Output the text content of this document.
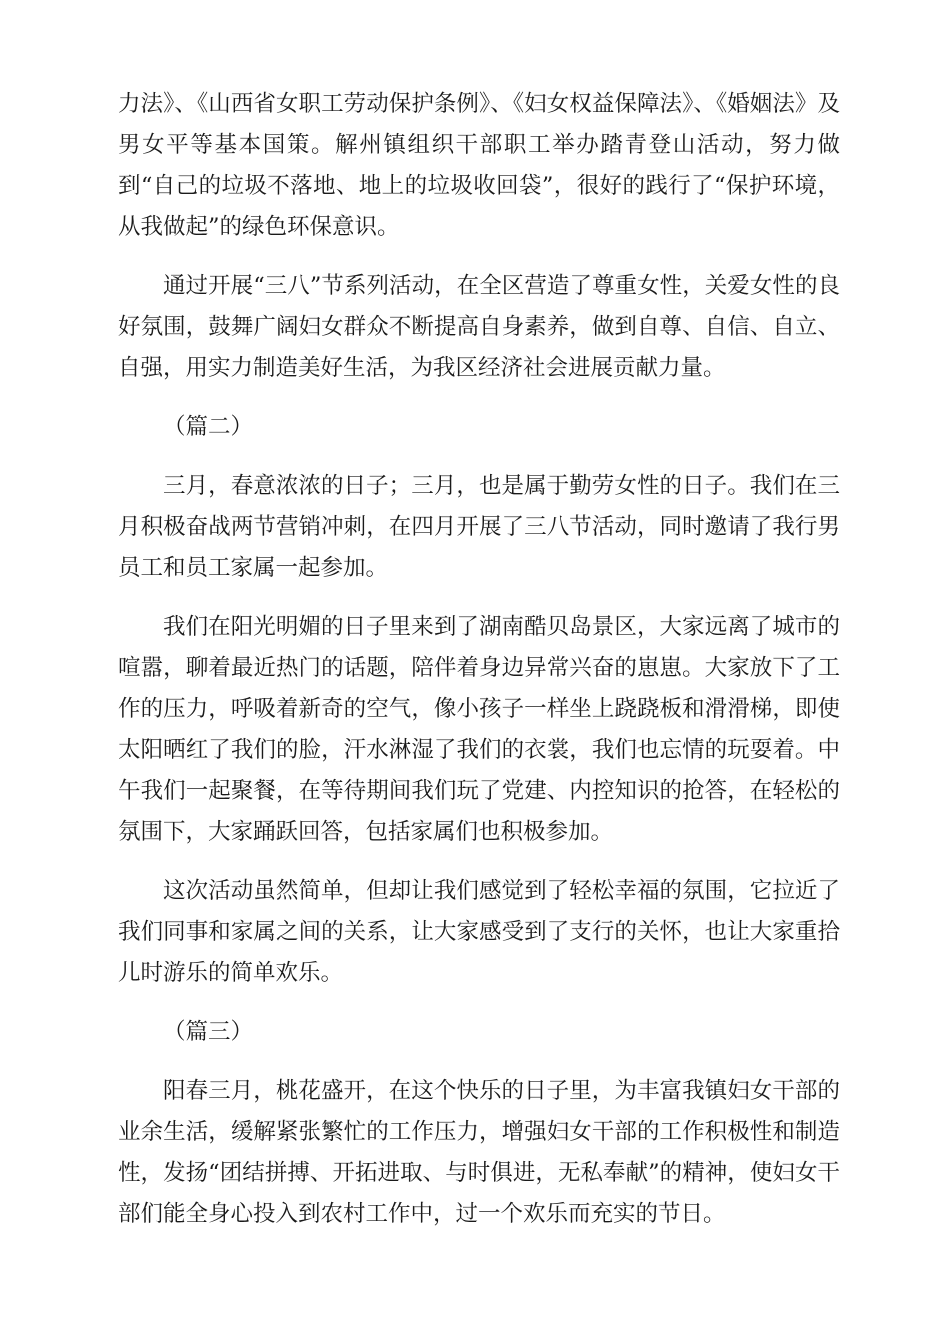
力法》、《山西省女职工劳动保护条例》、《妇女权益保障法》、《婚姻法》及男女平等基本国策。解州镇组织干部职工举办踏青登山活动，努力做到“自己的垃圾不落地、地上的垃圾收回袋”，很好的践行了“保护环境，从我做起”的绿色环保意识。

通过开展“三八”节系列活动，在全区营造了尊重女性，关爱女性的良好氛围，鼓舞广阔妇女群众不断提高自身素养，做到自尊、自信、自立、自强，用实力制造美好生活，为我区经济社会进展贡献力量。

（篇二）

三月，春意浓浓的日子；三月，也是属于勤劳女性的日子。我们在三月积极奋战两节营销冲刺，在四月开展了三八节活动，同时邀请了我行男员工和员工家属一起参加。

我们在阳光明媚的日子里来到了湖南酷贝岛景区，大家远离了城市的喧嚣，聊着最近热门的话题，陪伴着身边异常兴奋的崽崽。大家放下了工作的压力，呼吸着新奇的空气，像小孩子一样坐上跷跷板和滑滑梯，即使太阳晒红了我们的脸，汗水淋湿了我们的衣裳，我们也忘情的玩耍着。中午我们一起聚餐，在等待期间我们玩了党建、内控知识的抢答，在轻松的氛围下，大家踊跃回答，包括家属们也积极参加。

这次活动虽然简单，但却让我们感觉到了轻松幸福的氛围，它拉近了我们同事和家属之间的关系，让大家感受到了支行的关怀，也让大家重拾儿时游乐的简单欢乐。

（篇三）

阳春三月，桃花盛开，在这个快乐的日子里，为丰富我镇妇女干部的业余生活，缓解紧张繁忙的工作压力，增强妇女干部的工作积极性和制造性，发扬“团结拼搏、开拓进取、与时俱进，无私奉献”的精神，使妇女干部们能全身心投入到农村工作中，过一个欢乐而充实的节日。
